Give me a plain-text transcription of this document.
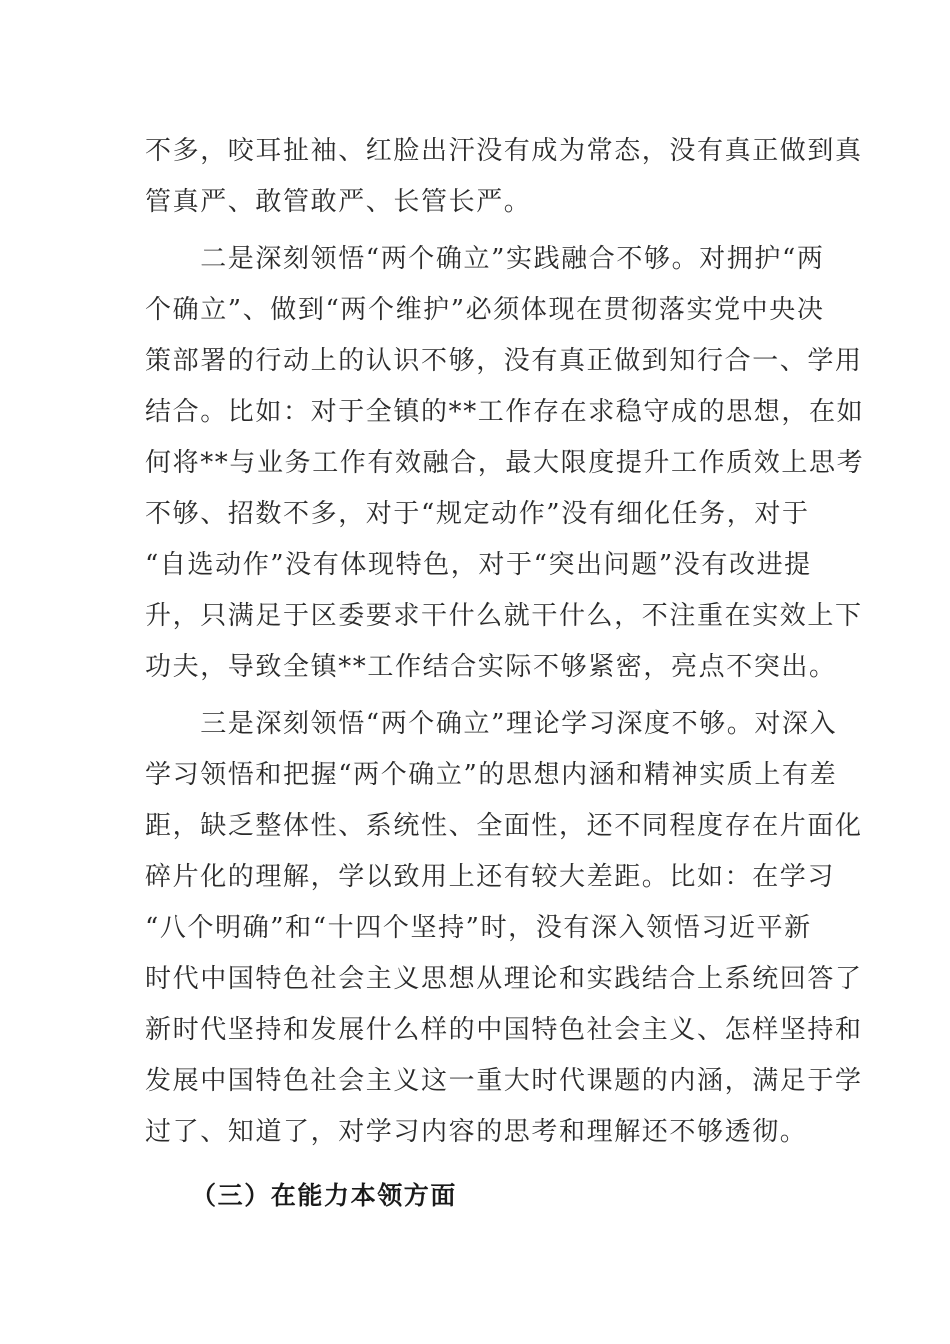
不多，咬耳扯袖、红脸出汗没有成为常态，没有真正做到真
管真严、敢管敢严、长管长严。
　　二是深刻领悟“两个确立”实践融合不够。对拥护“两
个确立”、做到“两个维护”必须体现在贯彻落实党中央决
策部署的行动上的认识不够，没有真正做到知行合一、学用
结合。比如：对于全镇的**工作存在求稳守成的思想，在如
何将**与业务工作有效融合，最大限度提升工作质效上思考
不够、招数不多，对于“规定动作”没有细化任务，对于
“自选动作”没有体现特色，对于“突出问题”没有改进提
升，只满足于区委要求干什么就干什么，不注重在实效上下
功夫，导致全镇**工作结合实际不够紧密，亮点不突出。
　　三是深刻领悟“两个确立”理论学习深度不够。对深入
学习领悟和把握“两个确立”的思想内涵和精神实质上有差
距，缺乏整体性、系统性、全面性，还不同程度存在片面化
碎片化的理解，学以致用上还有较大差距。比如：在学习
“八个明确”和“十四个坚持”时，没有深入领悟习近平新
时代中国特色社会主义思想从理论和实践结合上系统回答了
新时代坚持和发展什么样的中国特色社会主义、怎样坚持和
发展中国特色社会主义这一重大时代课题的内涵，满足于学
过了、知道了，对学习内容的思考和理解还不够透彻。
（三）在能力本领方面
